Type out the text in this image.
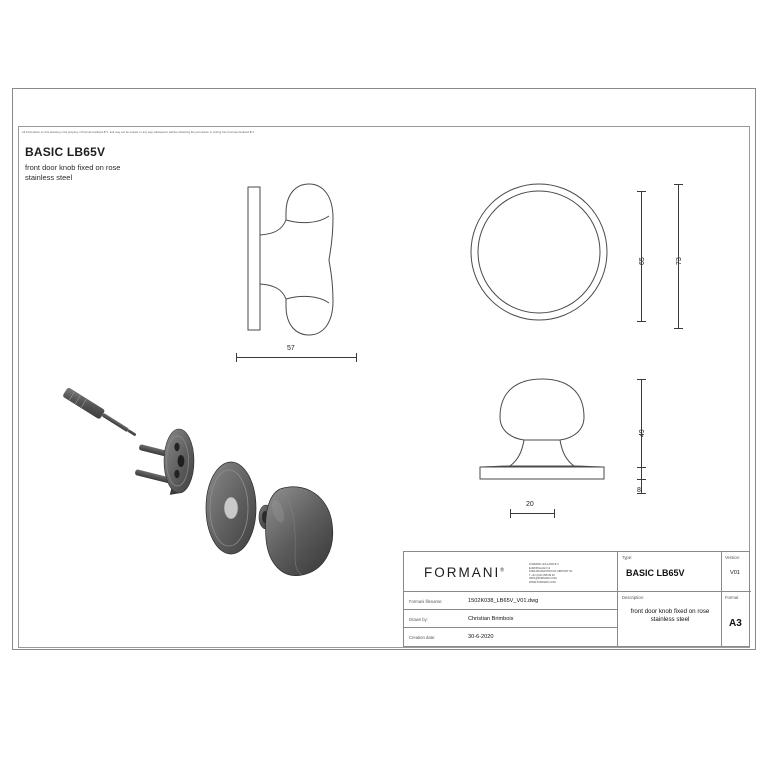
All information on this drawing is the property of Formani Holland B.V. and may not be copied, in any way whatsoever without obtaining the permission in writing from Formani Holland B.V.
BASIC LB65V
front door knob fixed on rose
stainless steel
57
65	73
49
8
20
FORMANI®
FORMANI HOLLAND B.V.
EUROPALAAN 12
6199 AB MAASTRICHT-AIRPORT NL
T +31 (0)43 358 99 20
INFO@FORMANI.COM
WWW.FORMANI.COM
Formani filename:	1502K038_LB65V_V01.dwg
Drawn by:	Christian Brimbois
Creation date:	30-6-2020
Type:
BASIC LB65V
Version:
V01
Description:
front door knob fixed on rose
stainless steel
Format
A3
